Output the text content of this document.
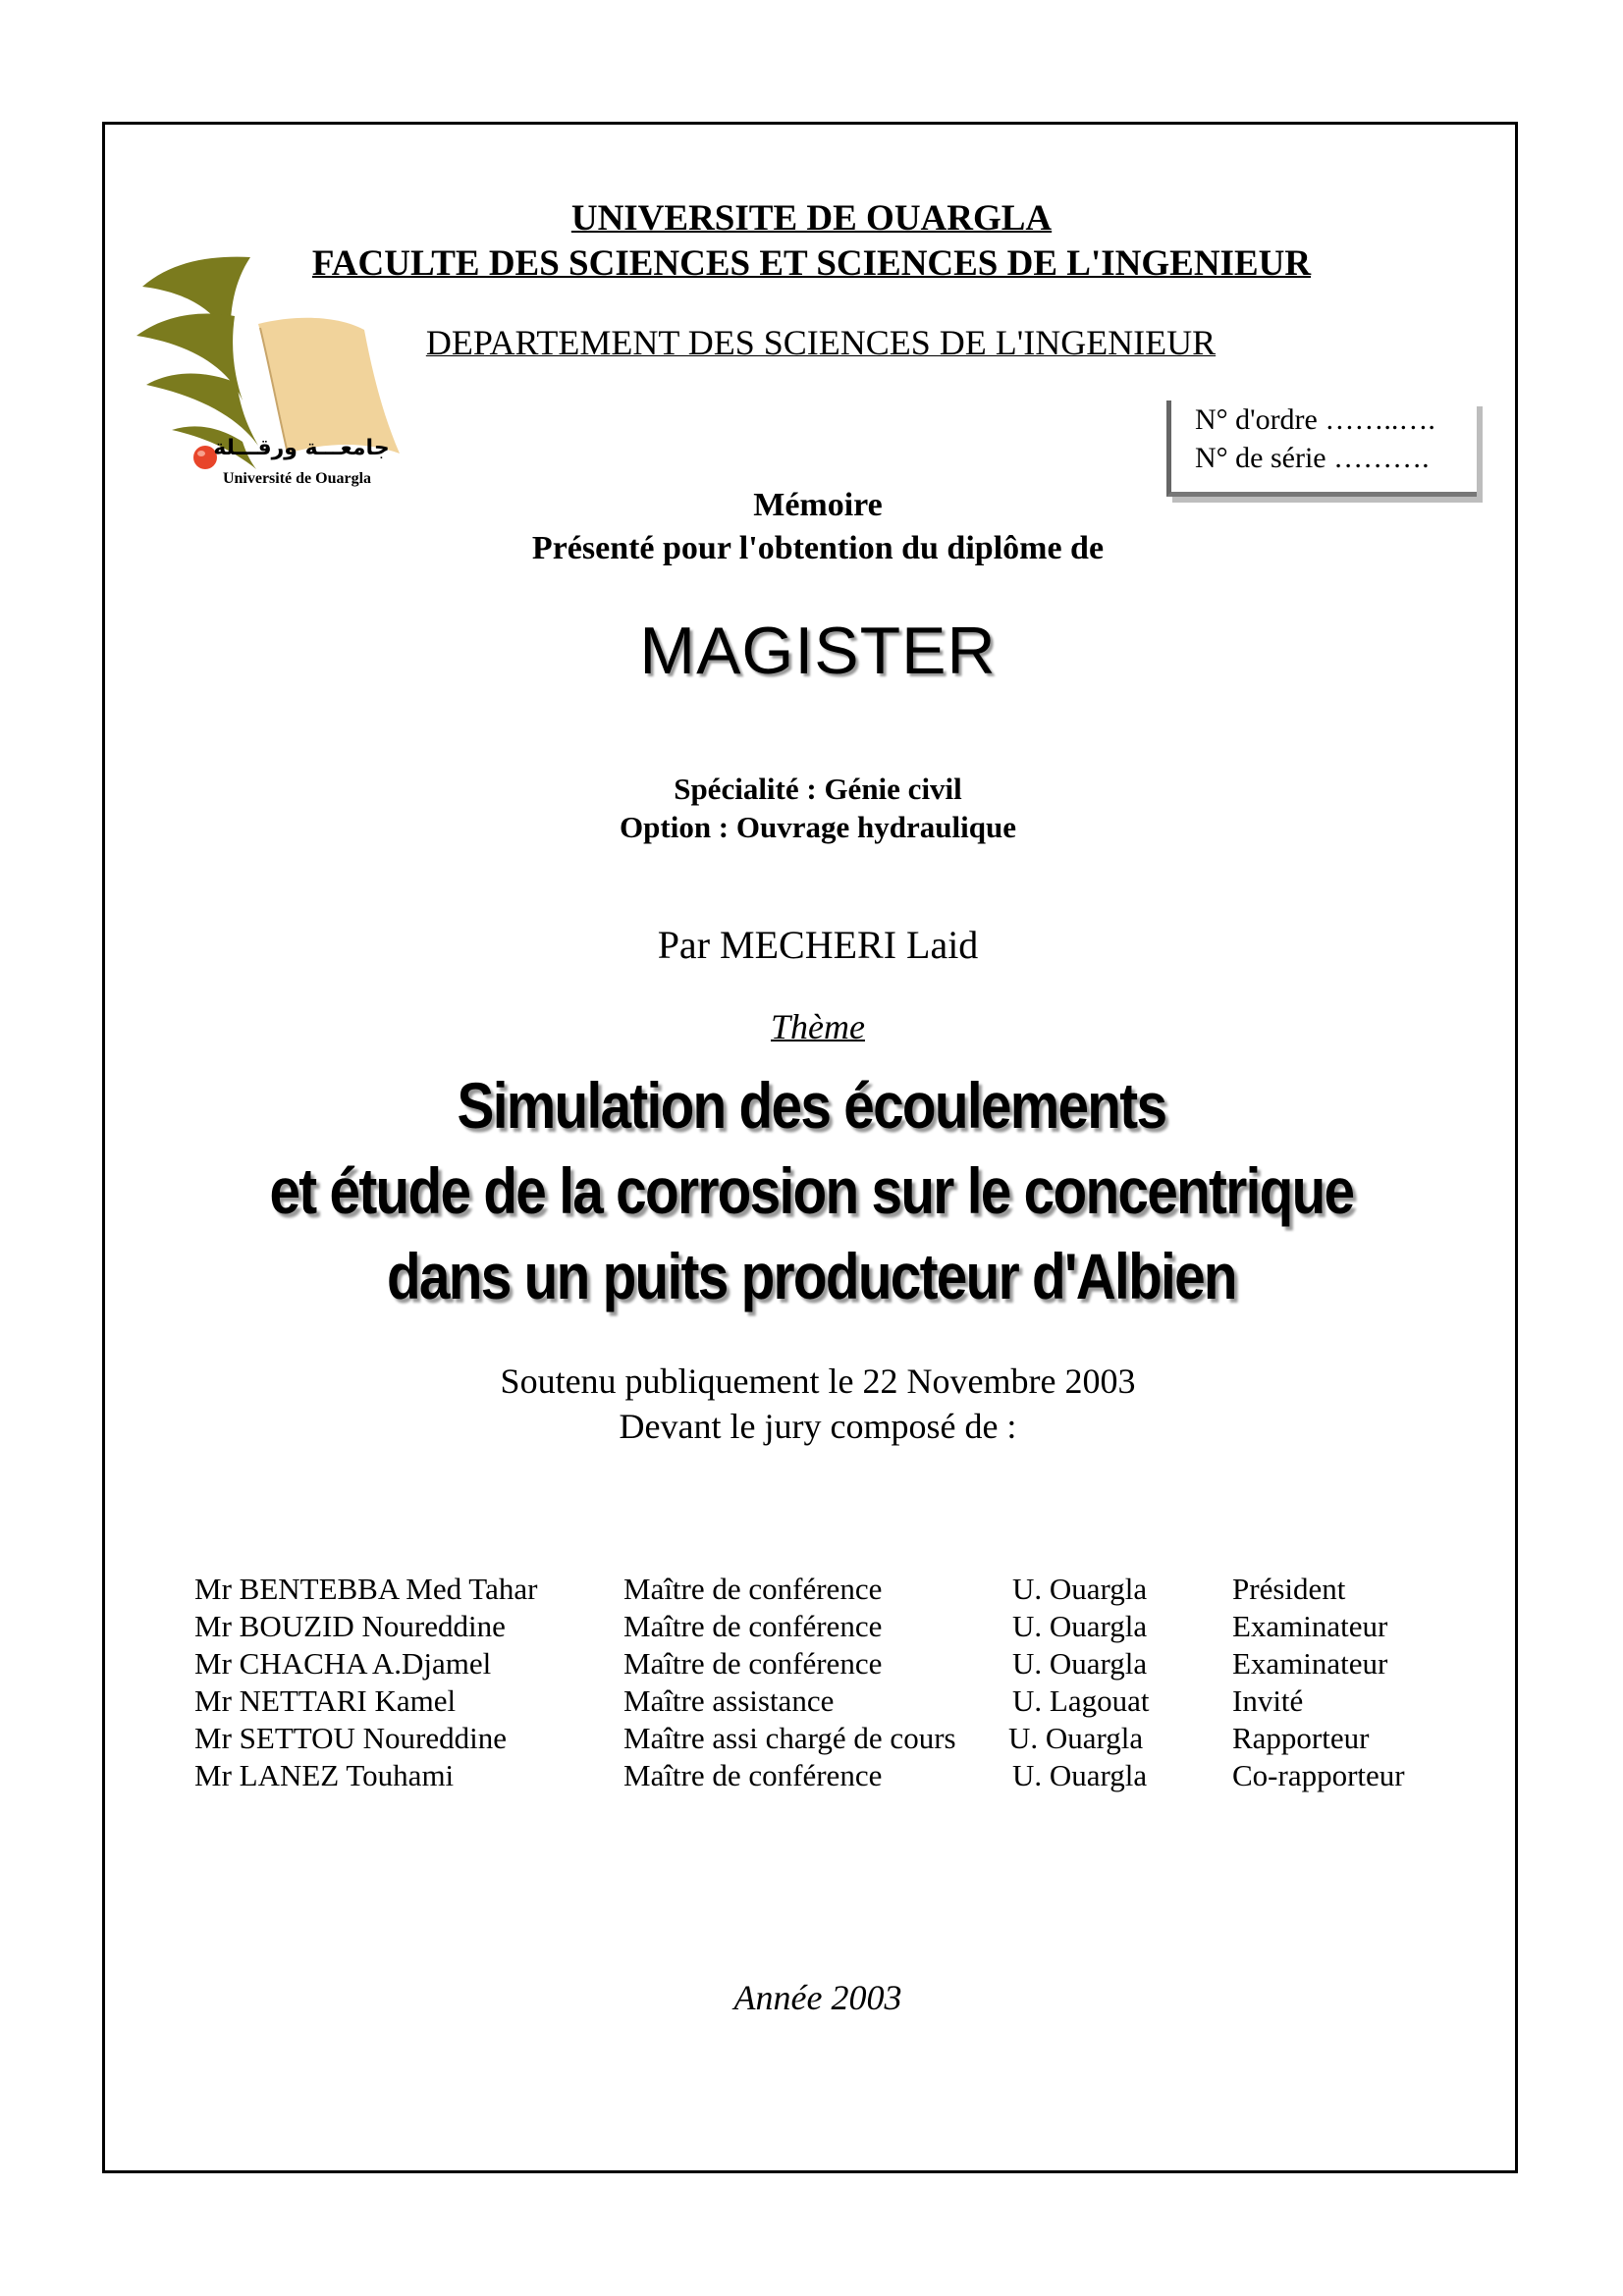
UNIVERSITE DE OUARGLA
FACULTE DES SCIENCES ET SCIENCES DE L'INGENIEUR
DEPARTEMENT DES SCIENCES DE L'INGENIEUR
جامعـــة ورقـــلة
Université de Ouargla
N° d'ordre ……..….
N° de série ……….
Mémoire
Présenté pour l'obtention du diplôme de
MAGISTER
Spécialité : Génie civil
Option : Ouvrage hydraulique
Par MECHERI Laid
Thème
Simulation des écoulements
et étude de la corrosion sur le concentrique
dans un puits producteur d'Albien
Soutenu publiquement le 22 Novembre 2003
Devant le jury composé de :
Mr BENTEBBA Med Tahar	Maître de conférence	U. Ouargla	Président
Mr BOUZID Noureddine	Maître de conférence	U. Ouargla	Examinateur
Mr CHACHA A.Djamel	Maître de conférence	U. Ouargla	Examinateur
Mr NETTARI Kamel	Maître assistance	U. Lagouat	Invité
Mr SETTOU Noureddine	Maître assi chargé de cours U. Ouargla	Rapporteur
Mr LANEZ Touhami	Maître de conférence	U. Ouargla	Co-rapporteur
Année 2003
